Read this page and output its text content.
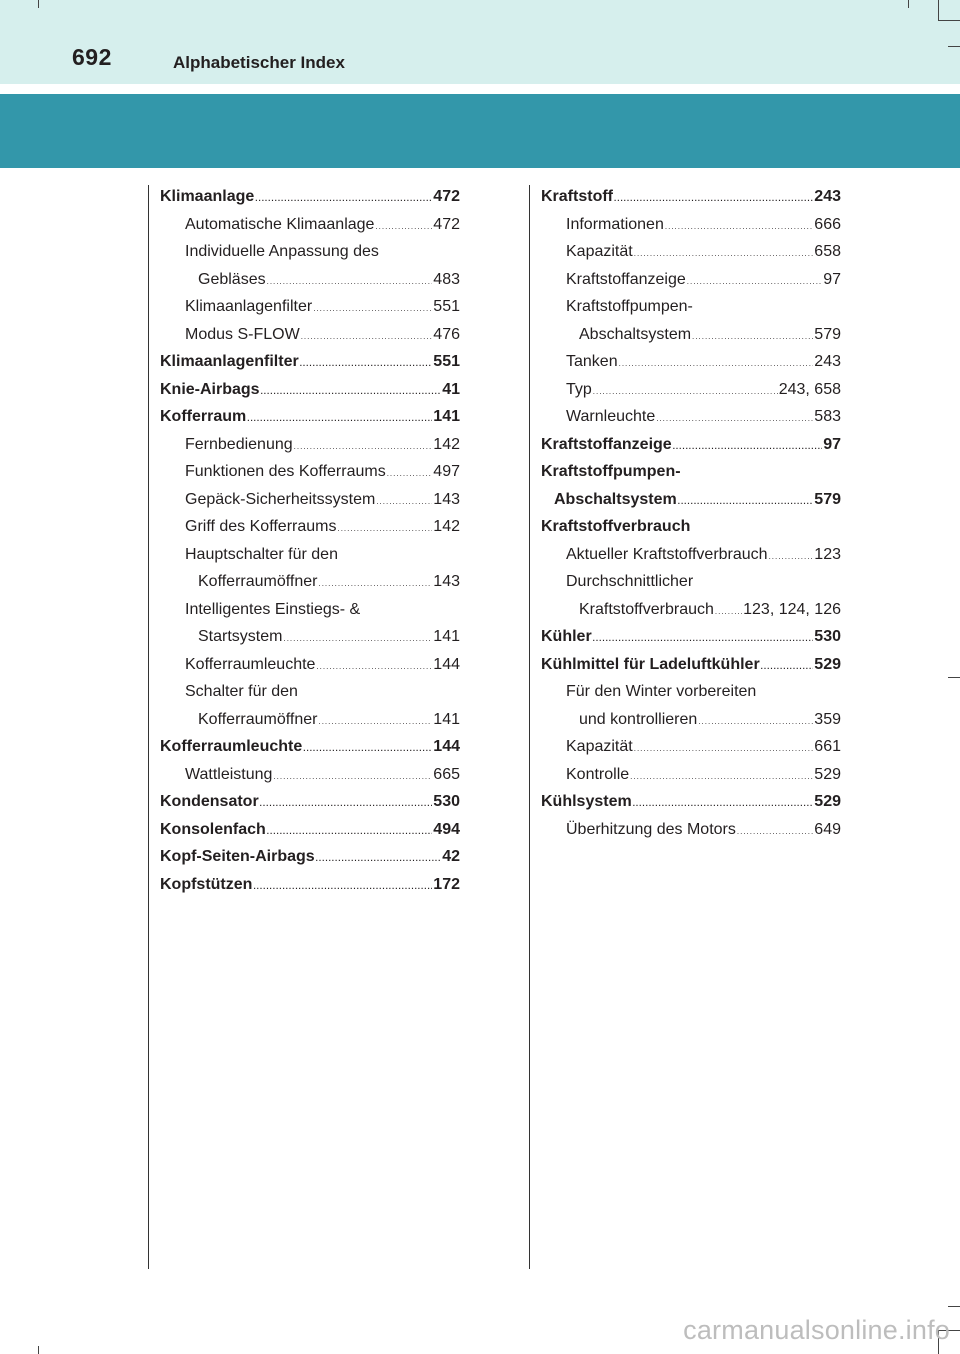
692	Alphabetischer Index
Klimaanlage .....	472
Automatische Klimaanlage .....	472
Individuelle Anpassung des
Gebläses .....	483
Klimaanlagenfilter .....	551
Modus S-FLOW .....	476
Klimaanlagenfilter .....	551
Knie-Airbags .....	41
Kofferraum .....	141
Fernbedienung .....	142
Funktionen des Kofferraums .....	497
Gepäck-Sicherheitssystem .....	143
Griff des Kofferraums .....	142
Hauptschalter für den
Kofferraumöffner .....	143
Intelligentes Einstiegs- &
Startsystem .....	141
Kofferraumleuchte .....	144
Schalter für den
Kofferraumöffner .....	141
Kofferraumleuchte .....	144
Wattleistung .....	665
Kondensator .....	530
Konsolenfach .....	494
Kopf-Seiten-Airbags .....	42
Kopfstützen .....	172
Kraftstoff .....	243
Informationen .....	666
Kapazität .....	658
Kraftstoffanzeige .....	97
Kraftstoffpumpen-
Abschaltsystem .....	579
Tanken .....	243
Typ .....	243, 658
Warnleuchte .....	583
Kraftstoffanzeige .....	97
Kraftstoffpumpen-
Abschaltsystem .....	579
Kraftstoffverbrauch
Aktueller Kraftstoffverbrauch .....	123
Durchschnittlicher
Kraftstoffverbrauch ..... 123, 124, 126
Kühler .....	530
Kühlmittel für Ladeluftkühler .....	529
Für den Winter vorbereiten
und kontrollieren .....	359
Kapazität .....	661
Kontrolle .....	529
Kühlsystem .....	529
Überhitzung des Motors .....	649
carmanualsonline.info
